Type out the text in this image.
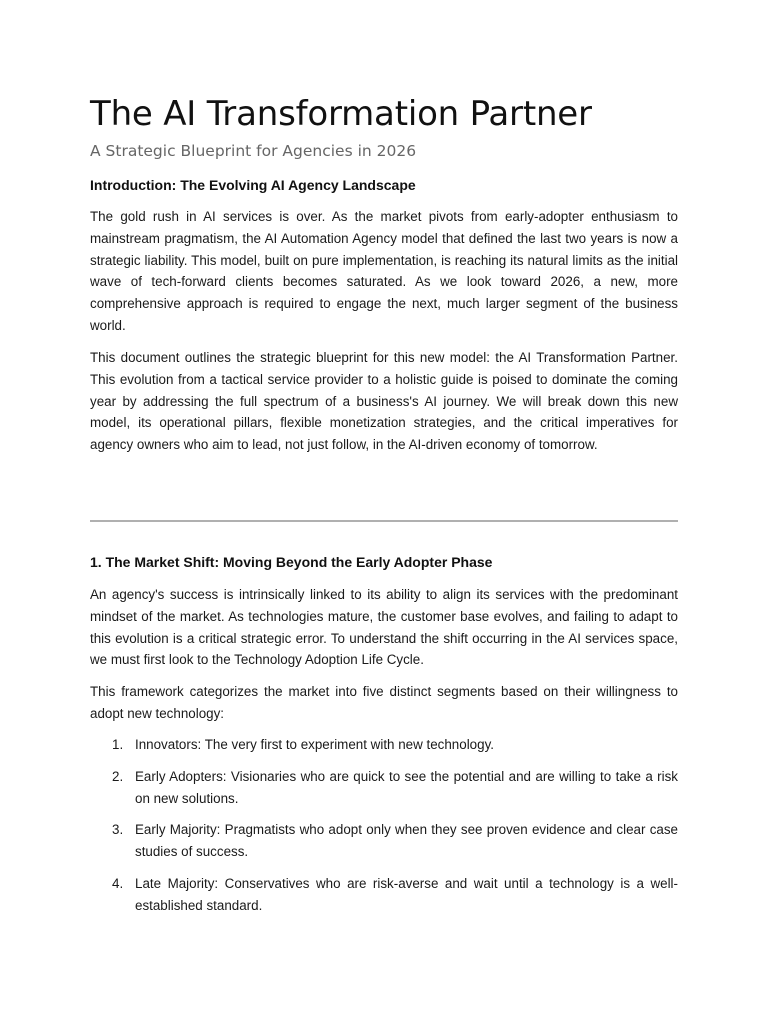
The AI Transformation Partner
A Strategic Blueprint for Agencies in 2026
Introduction: The Evolving AI Agency Landscape

The gold rush in AI services is over. As the market pivots from early-adopter enthusiasm to mainstream pragmatism, the AI Automation Agency model that defined the last two years is now a strategic liability. This model, built on pure implementation, is reaching its natural limits as the initial wave of tech-forward clients becomes saturated. As we look toward 2026, a new, more comprehensive approach is required to engage the next, much larger segment of the business world.

This document outlines the strategic blueprint for this new model: the AI Transformation Partner. This evolution from a tactical service provider to a holistic guide is poised to dominate the coming year by addressing the full spectrum of a business's AI journey. We will break down this new model, its operational pillars, flexible monetization strategies, and the critical imperatives for agency owners who aim to lead, not just follow, in the AI-driven economy of tomorrow.

1. The Market Shift: Moving Beyond the Early Adopter Phase

An agency's success is intrinsically linked to its ability to align its services with the predominant mindset of the market. As technologies mature, the customer base evolves, and failing to adapt to this evolution is a critical strategic error. To understand the shift occurring in the AI services space, we must first look to the Technology Adoption Life Cycle.

This framework categorizes the market into five distinct segments based on their willingness to adopt new technology:

1. Innovators: The very first to experiment with new technology.
2. Early Adopters: Visionaries who are quick to see the potential and are willing to take a risk on new solutions.
3. Early Majority: Pragmatists who adopt only when they see proven evidence and clear case studies of success.
4. Late Majority: Conservatives who are risk-averse and wait until a technology is a well-established standard.
